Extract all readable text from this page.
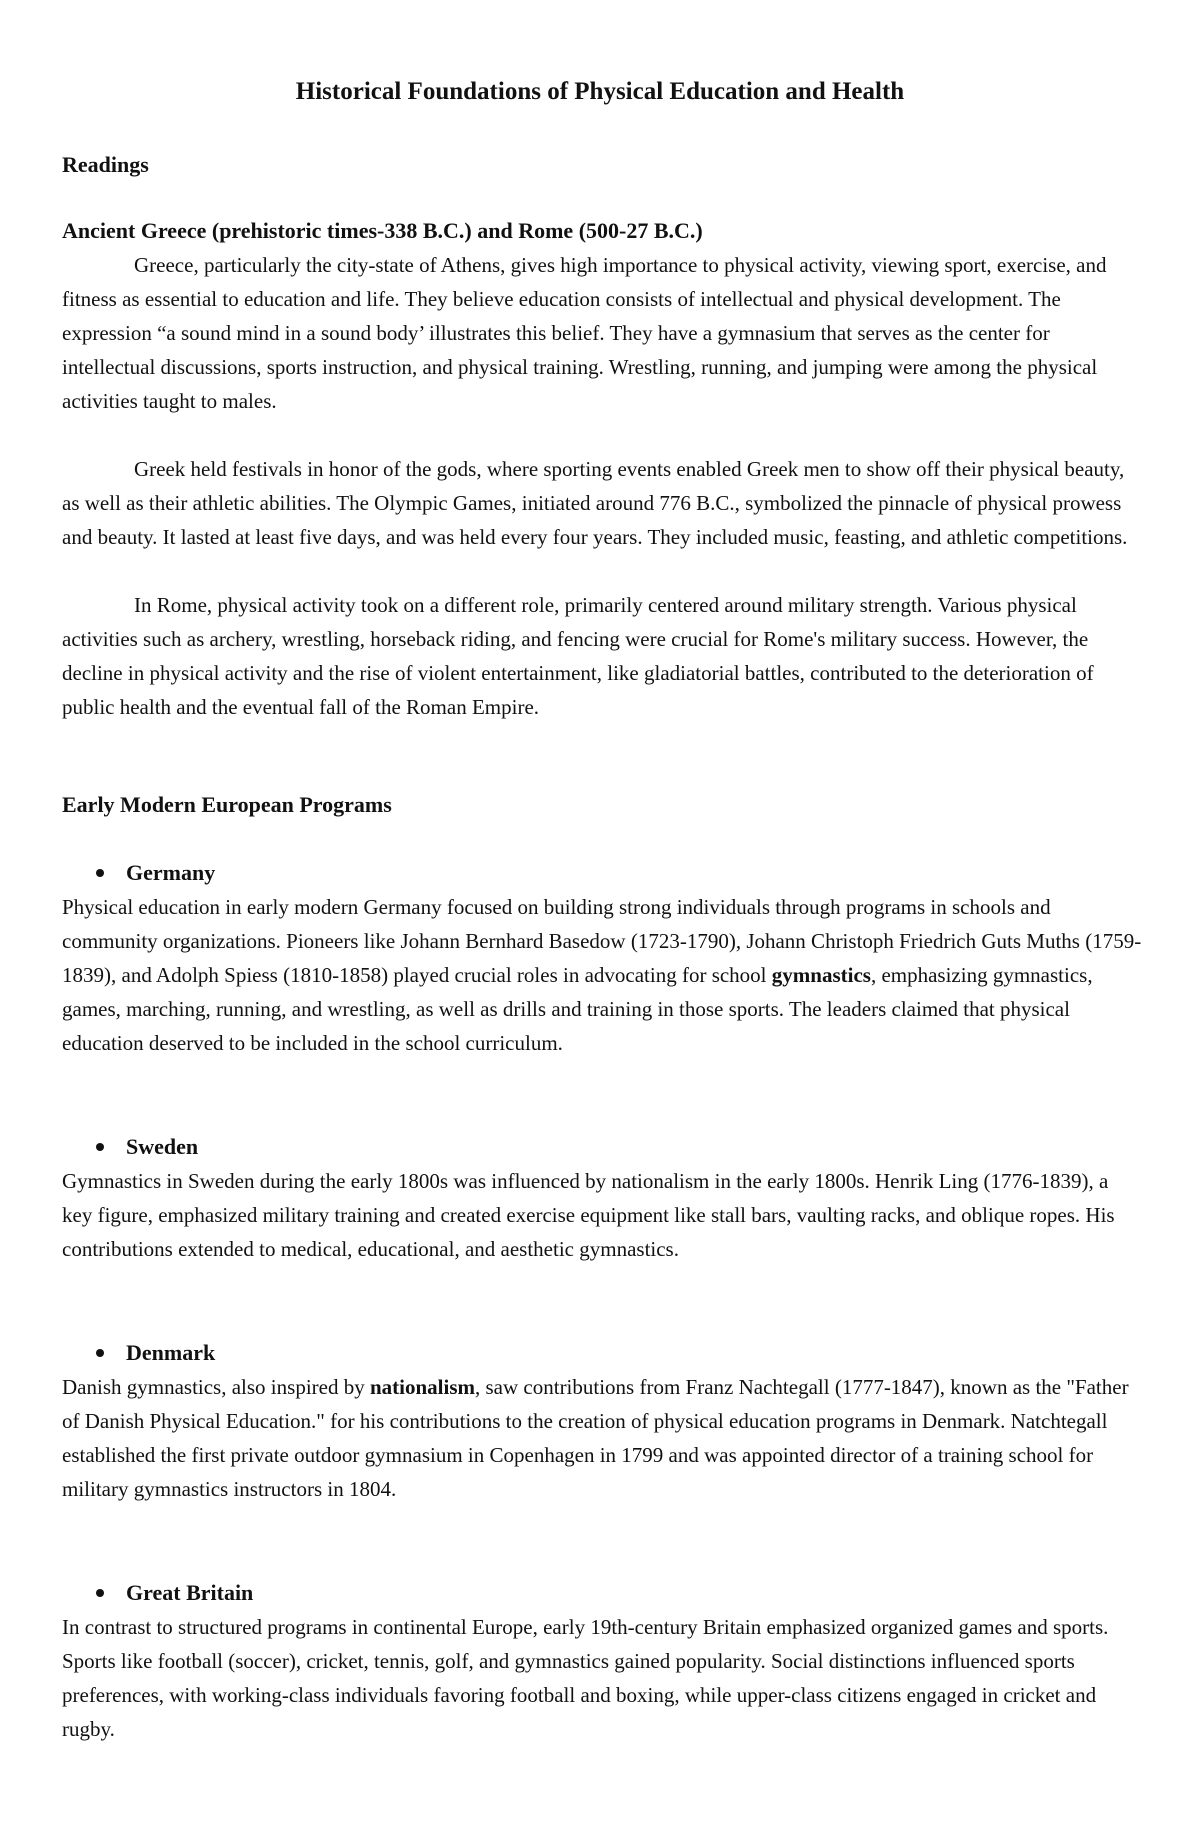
Historical Foundations of Physical Education and Health
Readings
Ancient Greece (prehistoric times-338 B.C.) and Rome (500-27 B.C.)

Greece, particularly the city-state of Athens, gives high importance to physical activity, viewing sport, exercise, and fitness as essential to education and life. They believe education consists of intellectual and physical development. The expression “a sound mind in a sound body’ illustrates this belief. They have a gymnasium that serves as the center for intellectual discussions, sports instruction, and physical training. Wrestling, running, and jumping were among the physical activities taught to males.

Greek held festivals in honor of the gods, where sporting events enabled Greek men to show off their physical beauty, as well as their athletic abilities. The Olympic Games, initiated around 776 B.C., symbolized the pinnacle of physical prowess and beauty. It lasted at least five days, and was held every four years. They included music, feasting, and athletic competitions.

In Rome, physical activity took on a different role, primarily centered around military strength. Various physical activities such as archery, wrestling, horseback riding, and fencing were crucial for Rome's military success. However, the decline in physical activity and the rise of violent entertainment, like gladiatorial battles, contributed to the deterioration of public health and the eventual fall of the Roman Empire.

Early Modern European Programs
Germany

Physical education in early modern Germany focused on building strong individuals through programs in schools and community organizations. Pioneers like Johann Bernhard Basedow (1723-1790), Johann Christoph Friedrich Guts Muths (1759-1839), and Adolph Spiess (1810-1858) played crucial roles in advocating for school gymnastics, emphasizing gymnastics, games, marching, running, and wrestling, as well as drills and training in those sports. The leaders claimed that physical education deserved to be included in the school curriculum.

Sweden

Gymnastics in Sweden during the early 1800s was influenced by nationalism in the early 1800s. Henrik Ling (1776-1839), a key figure, emphasized military training and created exercise equipment like stall bars, vaulting racks, and oblique ropes. His contributions extended to medical, educational, and aesthetic gymnastics.

Denmark

Danish gymnastics, also inspired by nationalism, saw contributions from Franz Nachtegall (1777-1847), known as the "Father of Danish Physical Education." for his contributions to the creation of physical education programs in Denmark. Natchtegall established the first private outdoor gymnasium in Copenhagen in 1799 and was appointed director of a training school for military gymnastics instructors in 1804.

Great Britain

In contrast to structured programs in continental Europe, early 19th-century Britain emphasized organized games and sports. Sports like football (soccer), cricket, tennis, golf, and gymnastics gained popularity. Social distinctions influenced sports preferences, with working-class individuals favoring football and boxing, while upper-class citizens engaged in cricket and rugby.
